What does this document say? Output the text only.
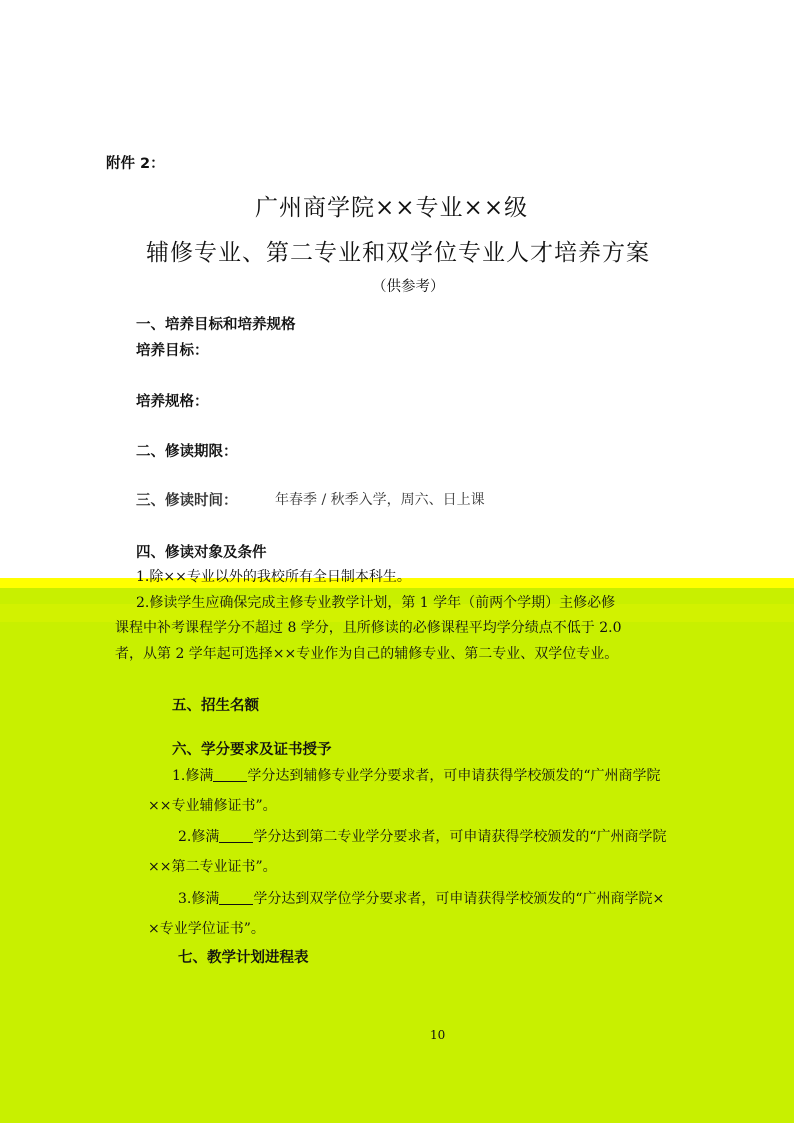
附件 2：
广州商学院××专业××级
辅修专业、第二专业和双学位专业人才培养方案
（供参考）
一、培养目标和培养规格
培养目标：
培养规格：
二、修读期限：
三、修读时间：	年春季 / 秋季入学，周六、日上课
四、修读对象及条件
1.除××专业以外的我校所有全日制本科生。
2.修读学生应确保完成主修专业教学计划，第 1 学年（前两个学期）主修必修
课程中补考课程学分不超过 8 学分，且所修读的必修课程平均学分绩点不低于 2.0
者，从第 2 学年起可选择××专业作为自己的辅修专业、第二专业、双学位专业。
五、招生名额
六、学分要求及证书授予
1.修满 学分达到辅修专业学分要求者，可申请获得学校颁发的“广州商学院
××专业辅修证书”。
2.修满 学分达到第二专业学分要求者，可申请获得学校颁发的“广州商学院
××第二专业证书”。
3.修满 学分达到双学位学分要求者，可申请获得学校颁发的“广州商学院×
×专业学位证书”。
七、教学计划进程表
10
